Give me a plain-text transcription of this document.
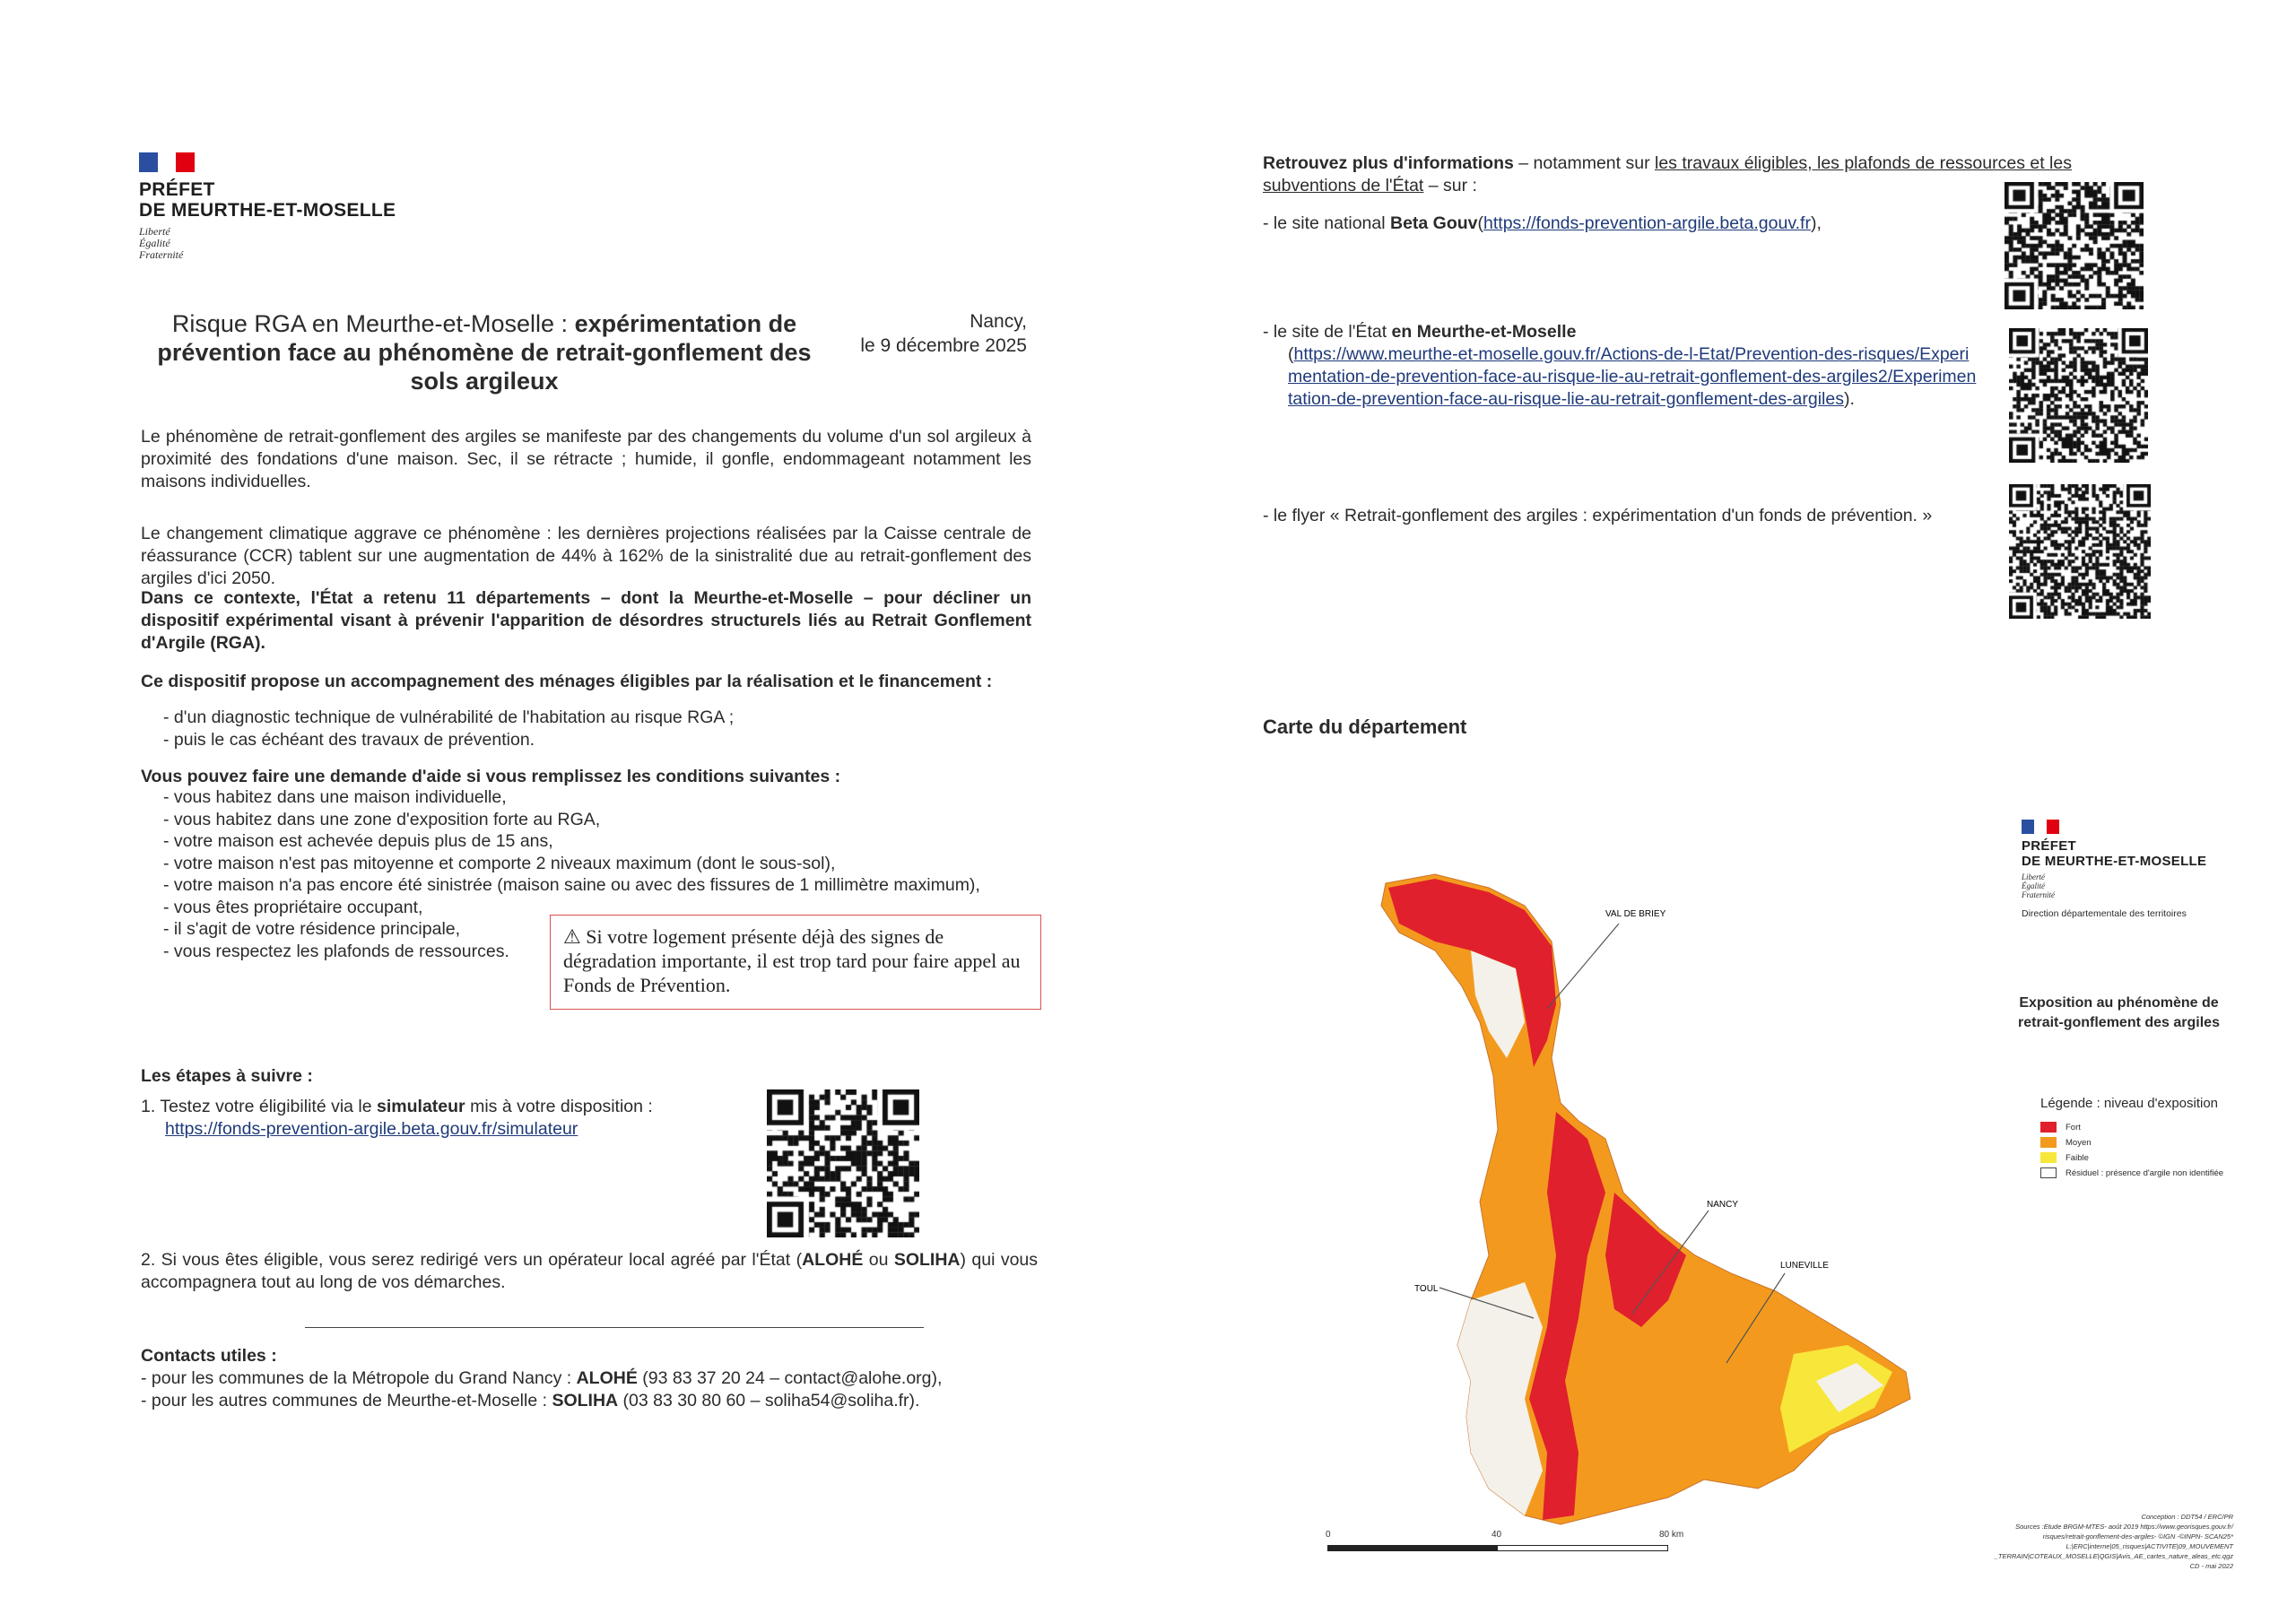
PRÉFET
DE MEURTHE-ET-MOSELLE
Liberté
Égalité
Fraternité
Risque RGA en Meurthe-et-Moselle : expérimentation de prévention face au phénomène de retrait-gonflement des sols argileux
Nancy,
le 9 décembre 2025
Le phénomène de retrait-gonflement des argiles se manifeste par des changements du volume d'un sol argileux à proximité des fondations d'une maison. Sec, il se rétracte ; humide, il gonfle, endommageant notamment les maisons individuelles.
Le changement climatique aggrave ce phénomène : les dernières projections réalisées par la Caisse centrale de réassurance (CCR) tablent sur une augmentation de 44% à 162% de la sinistralité due au retrait-gonflement des argiles d'ici 2050.
Dans ce contexte, l'État a retenu 11 départements – dont la Meurthe-et-Moselle – pour décliner un dispositif expérimental visant à prévenir l'apparition de désordres structurels liés au Retrait Gonflement d'Argile (RGA).
Ce dispositif propose un accompagnement des ménages éligibles par la réalisation et le financement :
- d'un diagnostic technique de vulnérabilité de l'habitation au risque RGA ;
- puis le cas échéant des travaux de prévention.
Vous pouvez faire une demande d'aide si vous remplissez les conditions suivantes :
- vous habitez dans une maison individuelle,
- vous habitez dans une zone d'exposition forte au RGA,
- votre maison est achevée depuis plus de 15 ans,
- votre maison n'est pas mitoyenne et comporte 2 niveaux maximum (dont le sous-sol),
- votre maison n'a pas encore été sinistrée (maison saine ou avec des fissures de 1 millimètre maximum),
- vous êtes propriétaire occupant,
- il s'agit de votre résidence principale,
- vous respectez les plafonds de ressources.
⚠ Si votre logement présente déjà des signes de dégradation importante, il est trop tard pour faire appel au Fonds de Prévention.
Les étapes à suivre :
1. Testez votre éligibilité via le simulateur mis à votre disposition :
https://fonds-prevention-argile.beta.gouv.fr/simulateur
2. Si vous êtes éligible, vous serez redirigé vers un opérateur local agréé par l'État (ALOHÉ ou SOLIHA) qui vous accompagnera tout au long de vos démarches.
Contacts utiles :
- pour les communes de la Métropole du Grand Nancy : ALOHÉ (93 83 37 20 24 – contact@alohe.org),
- pour les autres communes de Meurthe-et-Moselle : SOLIHA (03 83 30 80 60 – soliha54@soliha.fr).
Retrouvez plus d'informations – notamment sur les travaux éligibles, les plafonds de ressources et les subventions de l'État – sur :
- le site national Beta Gouv(https://fonds-prevention-argile.beta.gouv.fr),
- le site de l'État en Meurthe-et-Moselle

(https://www.meurthe-et-moselle.gouv.fr/Actions-de-l-Etat/Prevention-des-risques/Experimentation-de-prevention-face-au-risque-lie-au-retrait-gonflement-des-argiles2/Experimentation-de-prevention-face-au-risque-lie-au-retrait-gonflement-des-argiles).
- le flyer « Retrait-gonflement des argiles : expérimentation d'un fonds de prévention. »
Carte du département
PRÉFET
DE MEURTHE-ET-MOSELLE
Liberté
Égalité
Fraternité
Direction départementale des territoires
Exposition au phénomène de retrait-gonflement des argiles
Légende : niveau d'exposition
Fort
Moyen
Faible
Résiduel : présence d'argile non identifiée
VAL DE BRIEY
NANCY
LUNEVILLE
TOUL
0	40	80 km
Conception : DDT54 / ERC/PR
Sources :Etude BRGM-MTES- août 2019 https://www.georisques.gouv.fr/
risques/retrait-gonflement-des-argiles- ©IGN -©INPN- SCAN25*
L:|ERC|interne|05_risques|ACTIVITE|09_MOUVEMENT
_TERRAIN|COTEAUX_MOSELLE|QGIS|Avis_AE_cartes_nature_aleas_etc.qgz
CD - mai 2022
